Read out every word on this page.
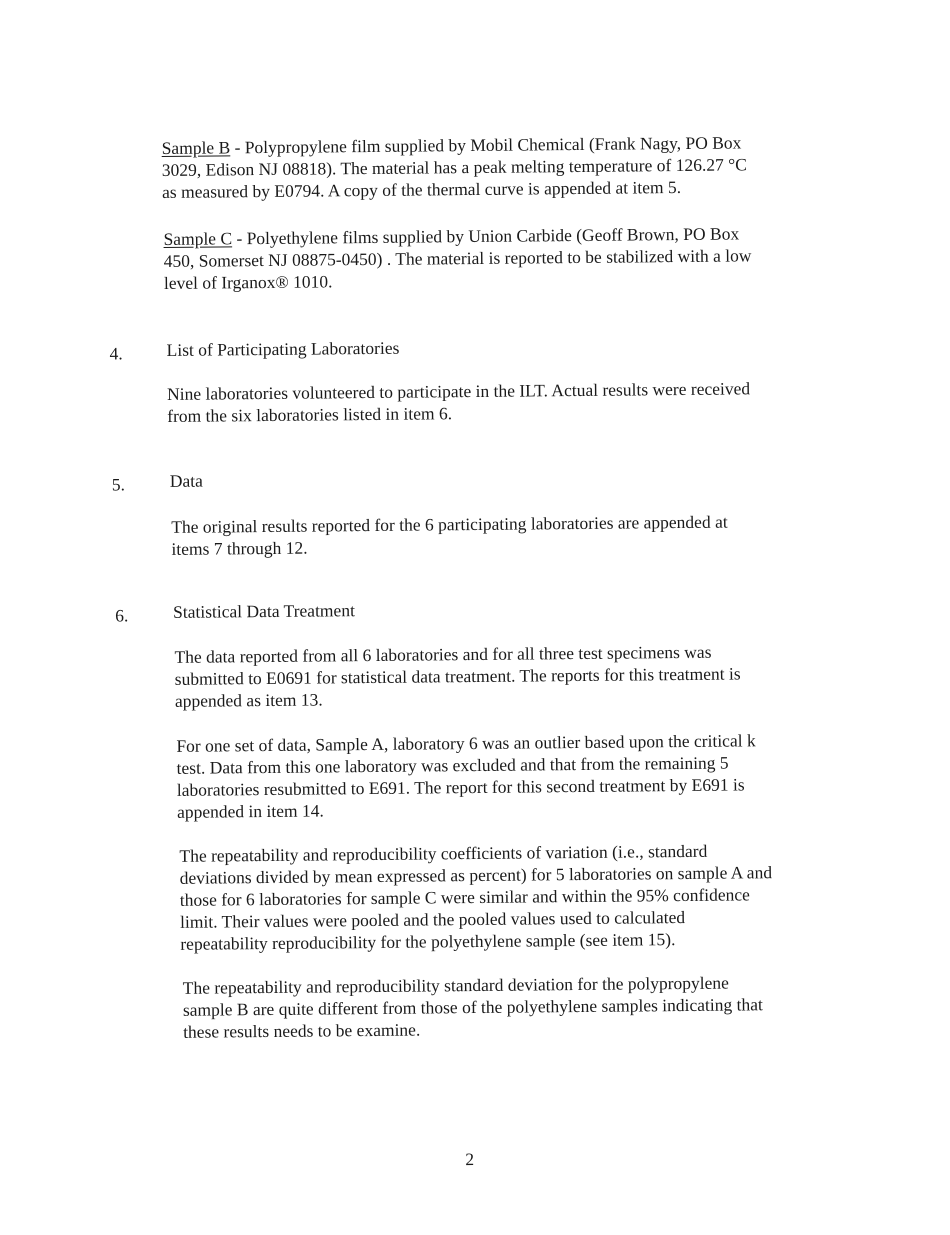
Sample B - Polypropylene film supplied by Mobil Chemical (Frank Nagy, PO Box
3029, Edison NJ 08818). The material has a peak melting temperature of 126.27 °C
as measured by E0794. A copy of the thermal curve is appended at item 5.

Sample C - Polyethylene films supplied by Union Carbide (Geoff Brown, PO Box
450, Somerset NJ 08875-0450) . The material is reported to be stabilized with a low
level of Irganox® 1010.

4. List of Participating Laboratories

Nine laboratories volunteered to participate in the ILT. Actual results were received
from the six laboratories listed in item 6.

5.	Data

The original results reported for the 6 participating laboratories are appended at
items 7 through 12.

6.	Statistical Data Treatment

The data reported from all 6 laboratories and for all three test specimens was
submitted to E0691 for statistical data treatment. The reports for this treatment is
appended as item 13.

For one set of data, Sample A, laboratory 6 was an outlier based upon the critical k
test. Data from this one laboratory was excluded and that from the remaining 5
laboratories resubmitted to E691. The report for this second treatment by E691 is
appended in item 14.

The repeatability and reproducibility coefficients of variation (i.e., standard
deviations divided by mean expressed as percent) for 5 laboratories on sample A and
those for 6 laboratories for sample C were similar and within the 95% confidence
limit. Their values were pooled and the pooled values used to calculated
repeatability reproducibility for the polyethylene sample (see item 15).

The repeatability and reproducibility standard deviation for the polypropylene
sample B are quite different from those of the polyethylene samples indicating that
these results needs to be examine.

2
